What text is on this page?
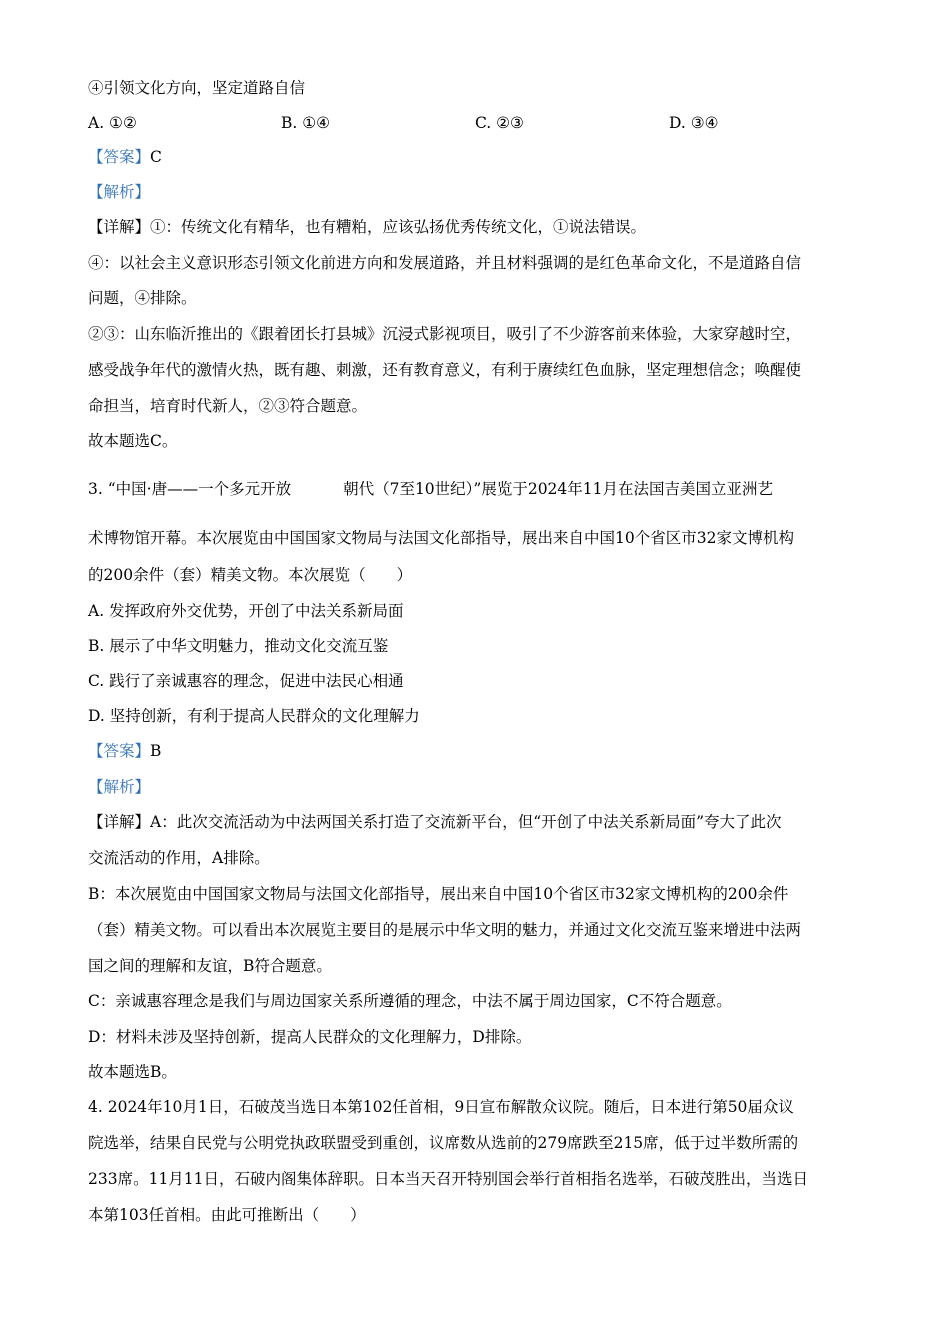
④引领文化方向，坚定道路自信
A. ①②	B. ①④	C. ②③	D. ③④
【答案】C
【解析】
【详解】①：传统文化有精华，也有糟粕，应该弘扬优秀传统文化，①说法错误。
④：以社会主义意识形态引领文化前进方向和发展道路，并且材料强调的是红色革命文化，不是道路自信
问题，④排除。
②③：山东临沂推出的《跟着团长打县城》沉浸式影视项目，吸引了不少游客前来体验，大家穿越时空，
感受战争年代的激情火热，既有趣、刺激，还有教育意义，有利于赓续红色血脉，坚定理想信念；唤醒使
命担当，培育时代新人，②③符合题意。
故本题选C。
3. “中国·唐——一个多元开放	朝代（7至10世纪）”展览于2024年11月在法国吉美国立亚洲艺
术博物馆开幕。本次展览由中国国家文物局与法国文化部指导，展出来自中国10个省区市32家文博机构
的200余件（套）精美文物。本次展览（　　）
A. 发挥政府外交优势，开创了中法关系新局面
B. 展示了中华文明魅力，推动文化交流互鉴
C. 践行了亲诚惠容的理念，促进中法民心相通
D. 坚持创新，有利于提高人民群众的文化理解力
【答案】B
【解析】
【详解】A：此次交流活动为中法两国关系打造了交流新平台，但“开创了中法关系新局面”夸大了此次
交流活动的作用，A排除。
B：本次展览由中国国家文物局与法国文化部指导，展出来自中国10个省区市32家文博机构的200余件
（套）精美文物。可以看出本次展览主要目的是展示中华文明的魅力，并通过文化交流互鉴来增进中法两
国之间的理解和友谊，B符合题意。
C：亲诚惠容理念是我们与周边国家关系所遵循的理念，中法不属于周边国家，C不符合题意。
D：材料未涉及坚持创新，提高人民群众的文化理解力，D排除。
故本题选B。
4. 2024年10月1日，石破茂当选日本第102任首相，9日宣布解散众议院。随后，日本进行第50届众议
院选举，结果自民党与公明党执政联盟受到重创，议席数从选前的279席跌至215席，低于过半数所需的
233席。11月11日，石破内阁集体辞职。日本当天召开特别国会举行首相指名选举，石破茂胜出，当选日
本第103任首相。由此可推断出（　　）
